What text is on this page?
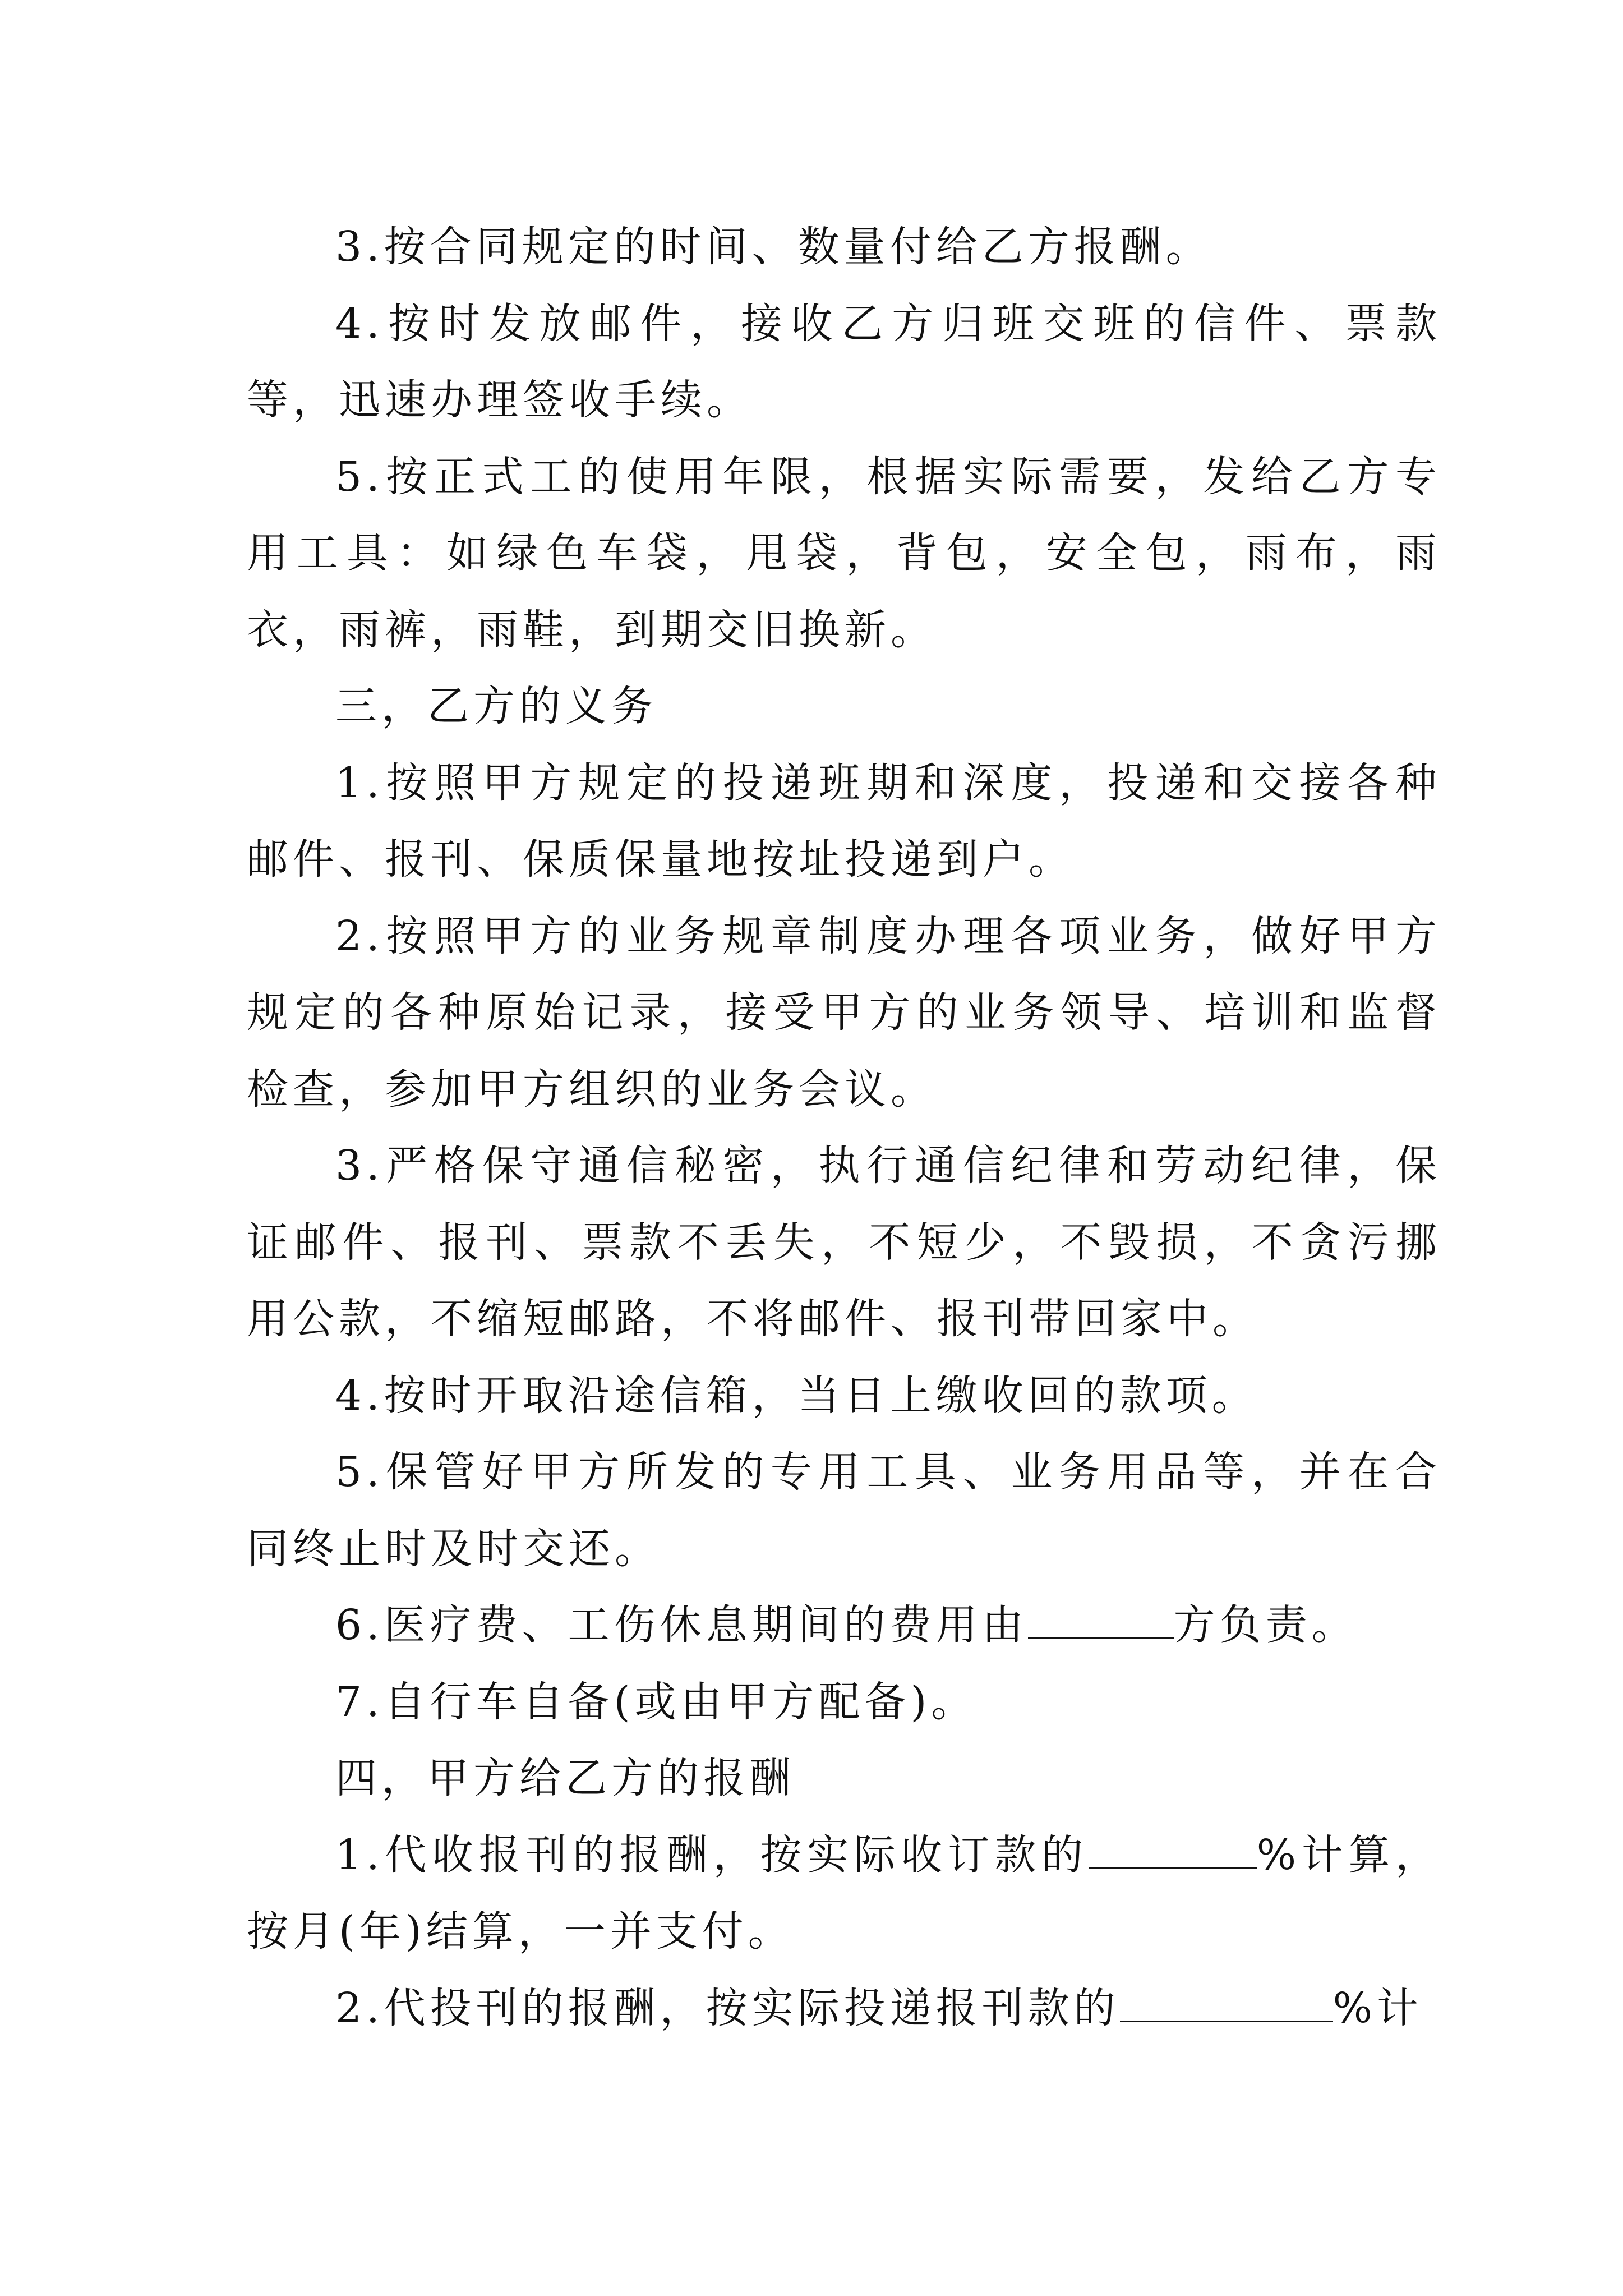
3.按合同规定的时间、数量付给乙方报酬。

4.按时发放邮件，接收乙方归班交班的信件、票款等，迅速办理签收手续。

5.按正式工的使用年限，根据实际需要，发给乙方专用工具：如绿色车袋，甩袋，背包，安全包，雨布，雨衣，雨裤，雨鞋，到期交旧换新。

三，乙方的义务

1.按照甲方规定的投递班期和深度，投递和交接各种邮件、报刊、保质保量地按址投递到户。

2.按照甲方的业务规章制度办理各项业务，做好甲方规定的各种原始记录，接受甲方的业务领导、培训和监督检查，参加甲方组织的业务会议。

3.严格保守通信秘密，执行通信纪律和劳动纪律，保证邮件、报刊、票款不丢失，不短少，不毁损，不贪污挪用公款，不缩短邮路，不将邮件、报刊带回家中。

4.按时开取沿途信箱，当日上缴收回的款项。

5.保管好甲方所发的专用工具、业务用品等，并在合同终止时及时交还。

6.医疗费、工伤休息期间的费用由	方负责。

7.自行车自备(或由甲方配备)。

四，甲方给乙方的报酬

1.代收报刊的报酬，按实际收订款的	%计算，按月(年)结算，一并支付。

2.代投刊的报酬，按实际投递报刊款的	%计
